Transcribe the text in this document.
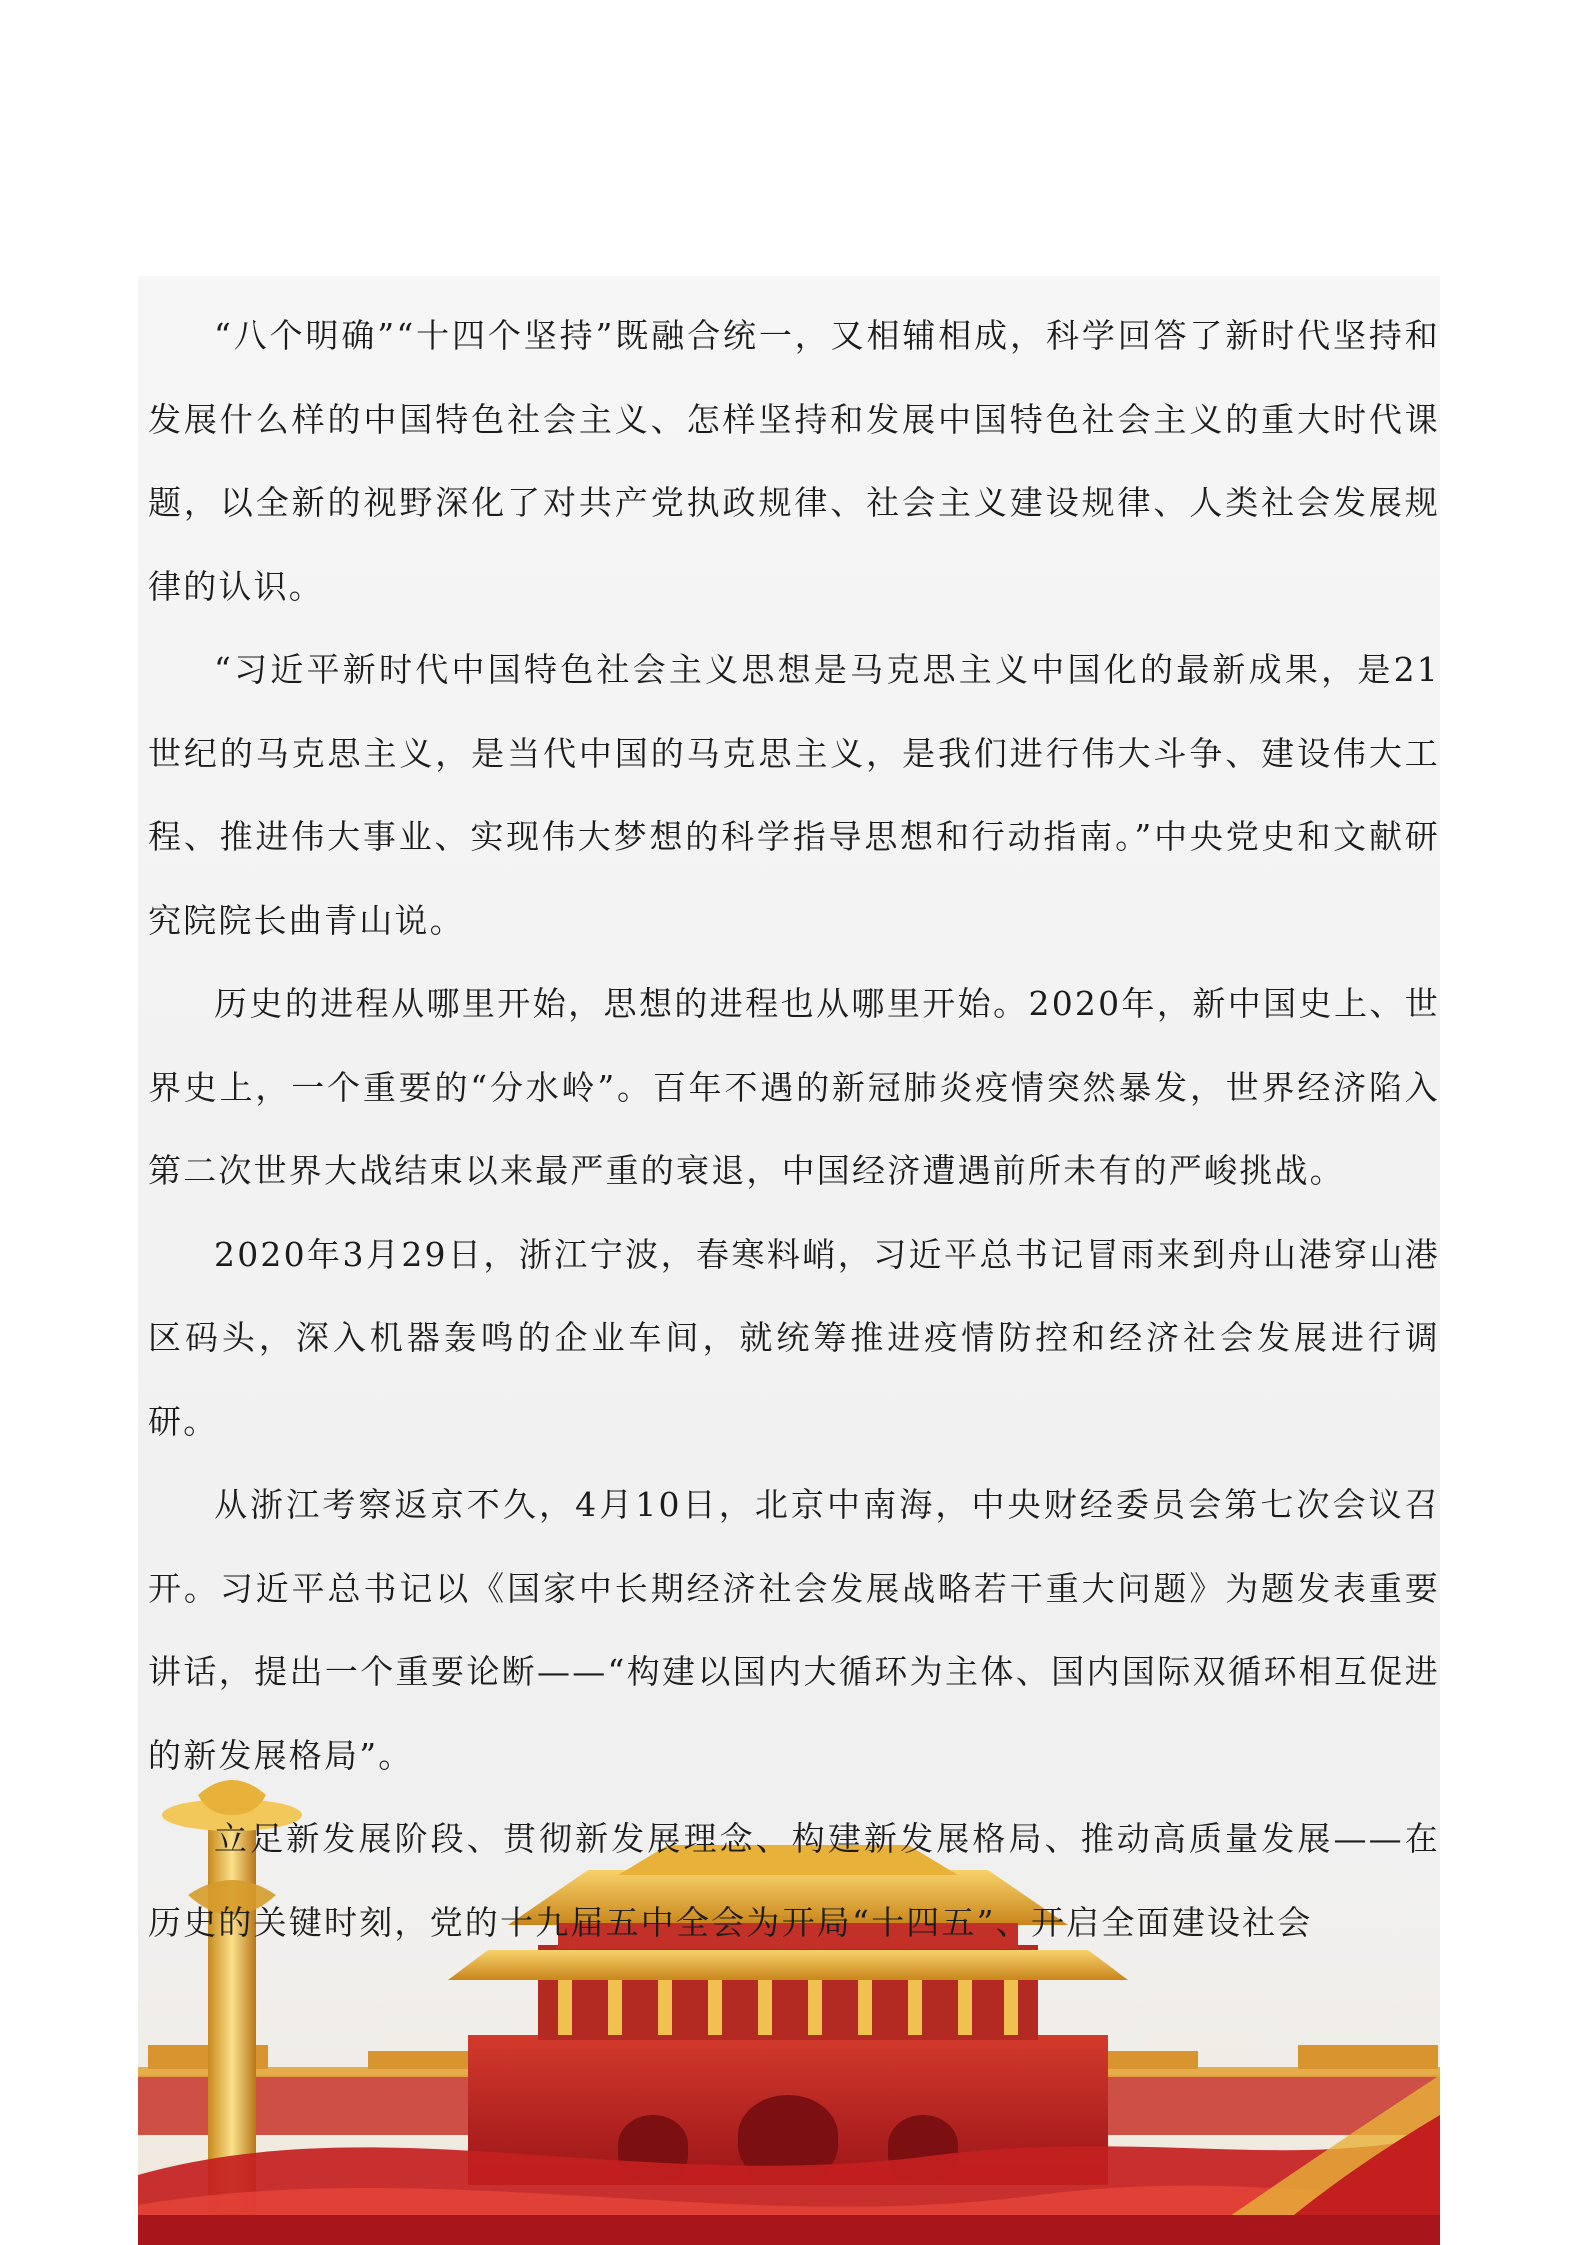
“八个明确”“十四个坚持”既融合统一，又相辅相成，科学回答了新时代坚持和发展什么样的中国特色社会主义、怎样坚持和发展中国特色社会主义的重大时代课题，以全新的视野深化了对共产党执政规律、社会主义建设规律、人类社会发展规律的认识。

“习近平新时代中国特色社会主义思想是马克思主义中国化的最新成果，是21世纪的马克思主义，是当代中国的马克思主义，是我们进行伟大斗争、建设伟大工程、推进伟大事业、实现伟大梦想的科学指导思想和行动指南。”中央党史和文献研究院院长曲青山说。

历史的进程从哪里开始，思想的进程也从哪里开始。2020年，新中国史上、世界史上，一个重要的“分水岭”。百年不遇的新冠肺炎疫情突然暴发，世界经济陷入第二次世界大战结束以来最严重的衰退，中国经济遭遇前所未有的严峻挑战。

2020年3月29日，浙江宁波，春寒料峭，习近平总书记冒雨来到舟山港穿山港区码头，深入机器轰鸣的企业车间，就统筹推进疫情防控和经济社会发展进行调研。

从浙江考察返京不久，4月10日，北京中南海，中央财经委员会第七次会议召开。习近平总书记以《国家中长期经济社会发展战略若干重大问题》为题发表重要讲话，提出一个重要论断——“构建以国内大循环为主体、国内国际双循环相互促进的新发展格局”。

立足新发展阶段、贯彻新发展理念、构建新发展格局、推动高质量发展——在历史的关键时刻，党的十九届五中全会为开局“十四五”、开启全面建设社会
